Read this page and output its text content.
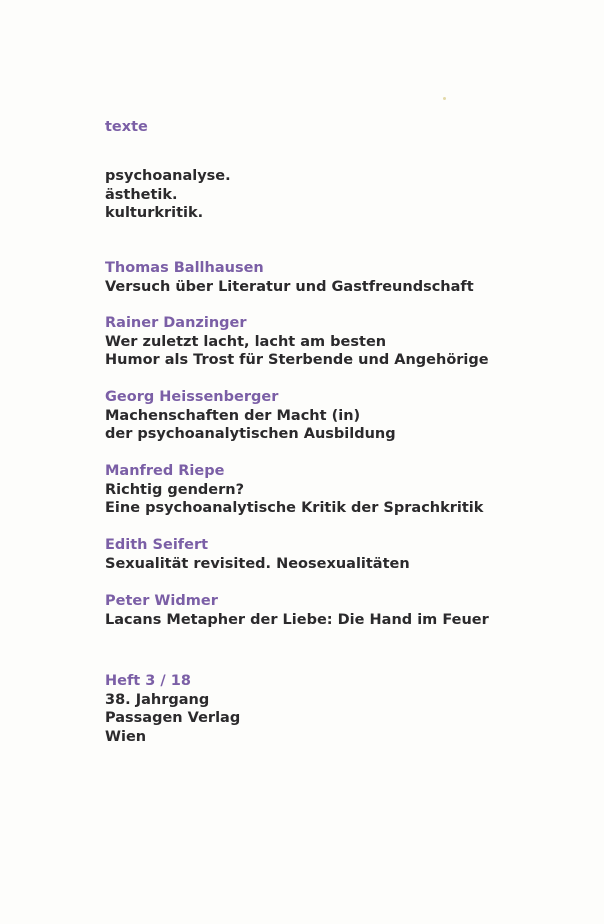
texte
psychoanalyse.
ästhetik.
kulturkritik.
Thomas Ballhausen
Versuch über Literatur und Gastfreundschaft
Rainer Danzinger
Wer zuletzt lacht, lacht am besten
Humor als Trost für Sterbende und Angehörige
Georg Heissenberger
Machenschaften der Macht (in)
der psychoanalytischen Ausbildung
Manfred Riepe
Richtig gendern?
Eine psychoanalytische Kritik der Sprachkritik
Edith Seifert
Sexualität revisited. Neosexualitäten
Peter Widmer
Lacans Metapher der Liebe: Die Hand im Feuer
Heft 3 / 18
38. Jahrgang
Passagen Verlag
Wien
